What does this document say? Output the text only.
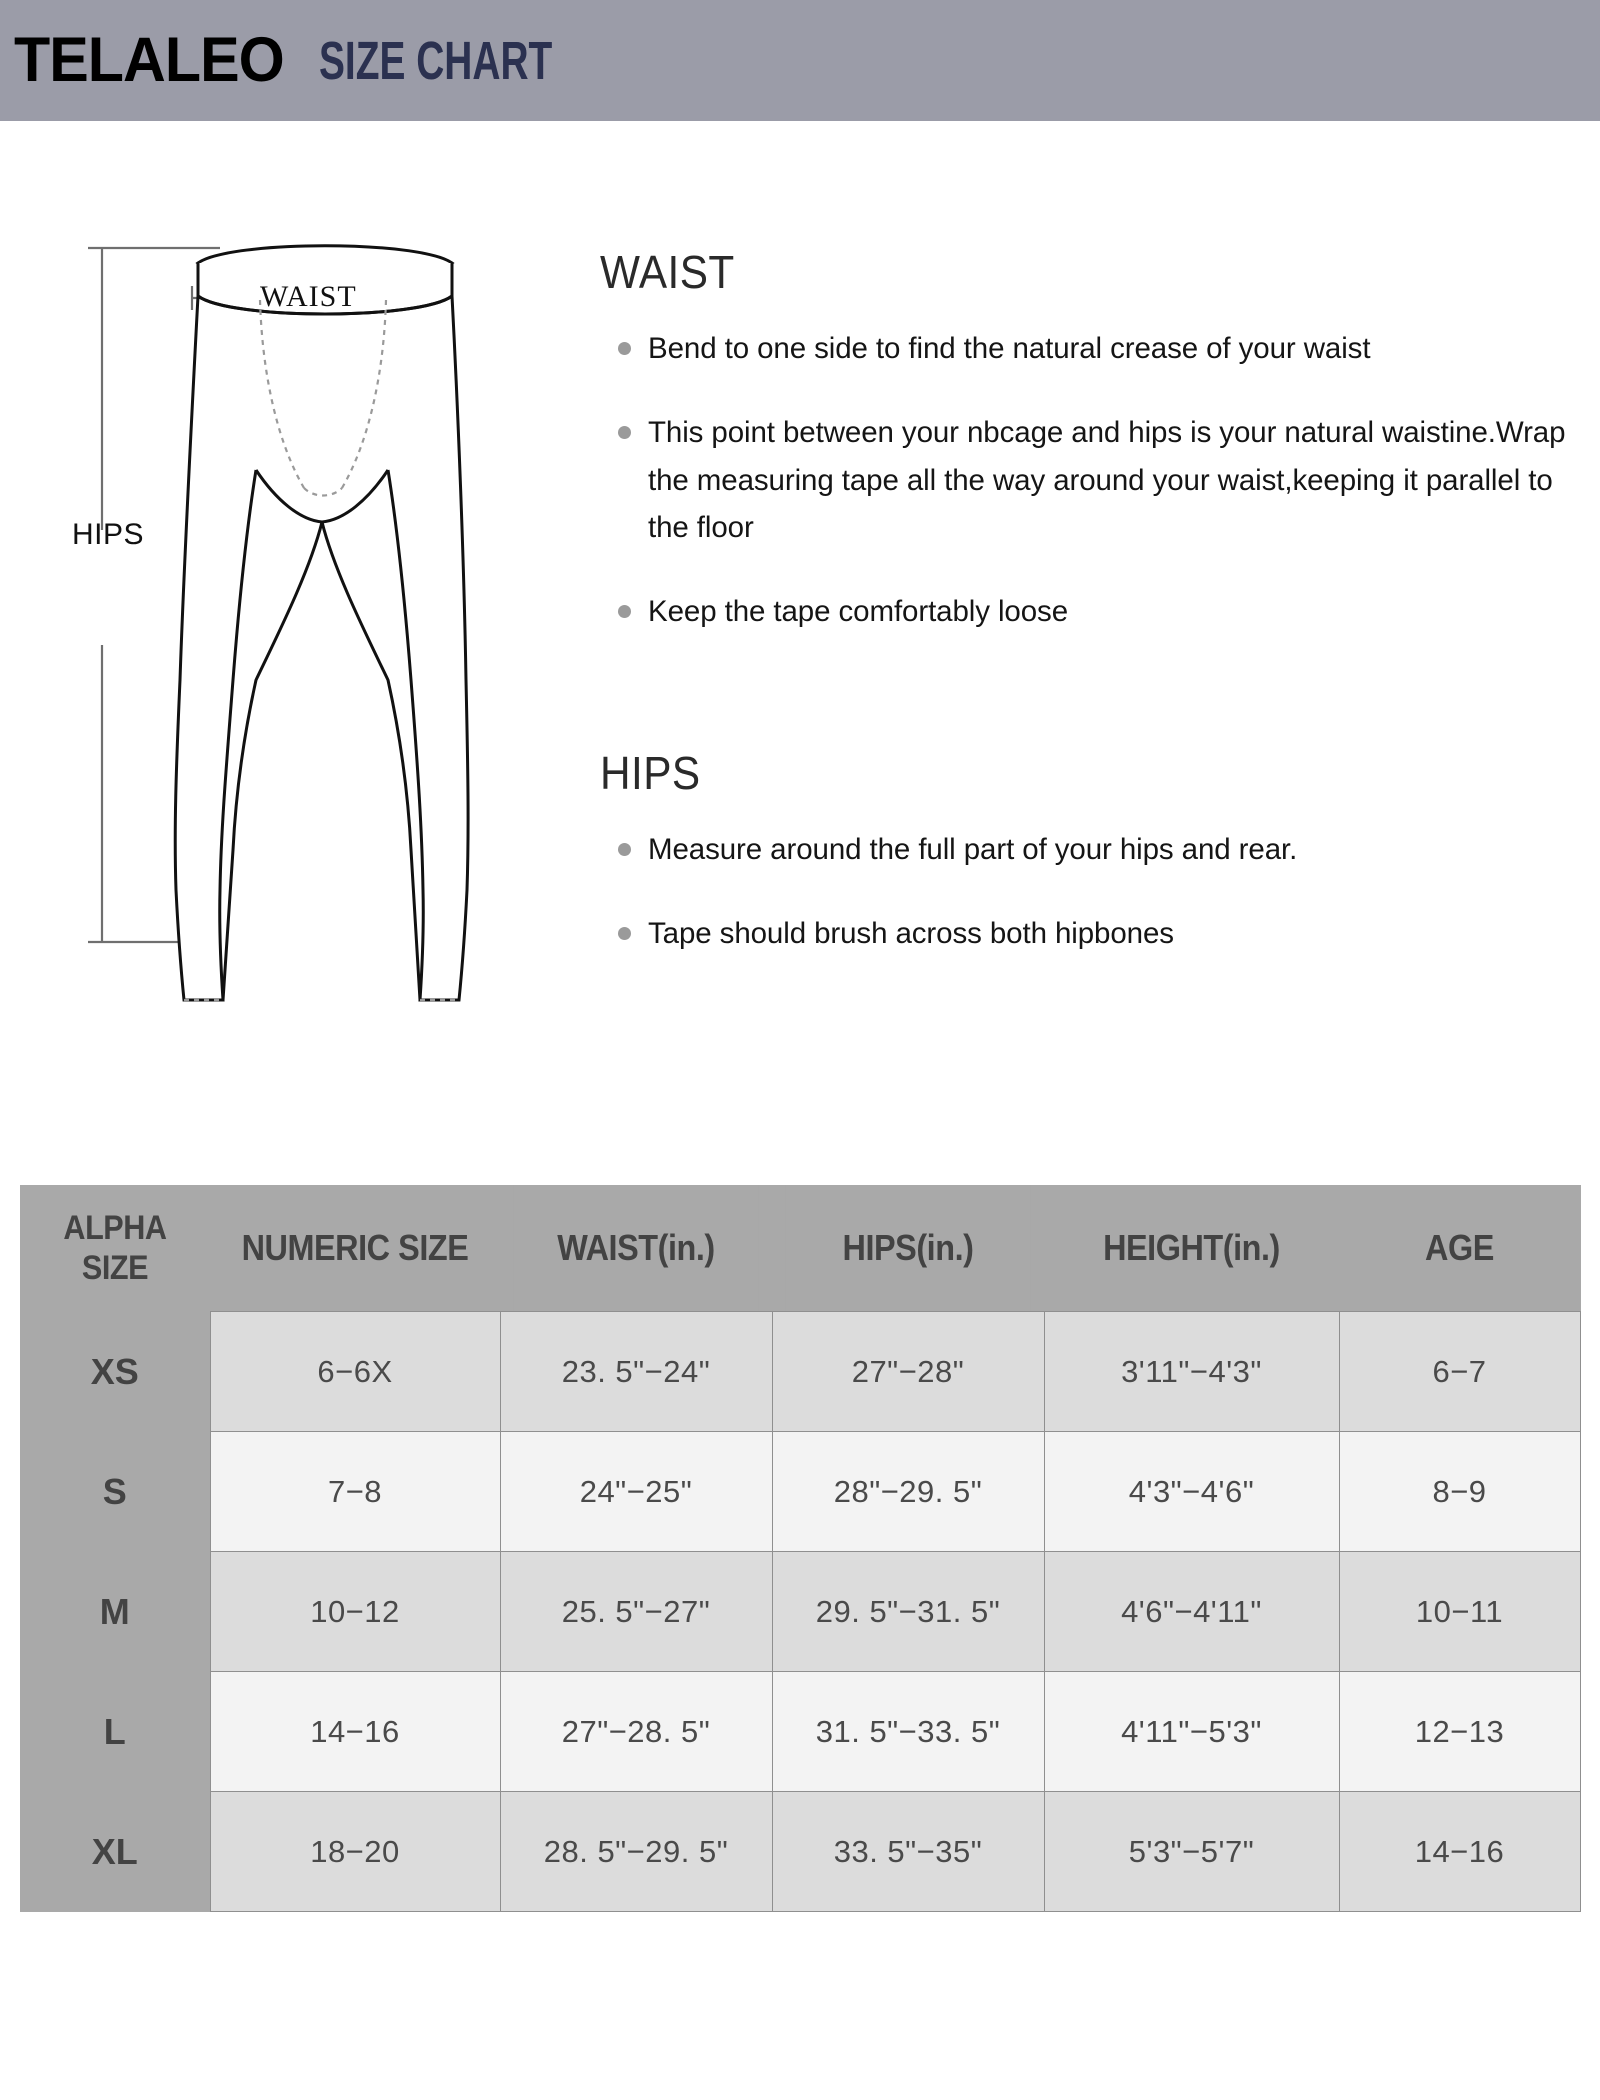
TELALEO SIZE CHART
WAIST
HIPS
WAIST
Bend to one side to find the natural crease of your waist
This point between your nbcage and hips is your natural waistine.Wrap the measuring tape all the way around your waist,keeping it parallel to the floor
Keep the tape comfortably loose
HIPS
Measure around the full part of your hips and rear.
Tape should brush across both hipbones
ALPHA
SIZE	NUMERIC SIZE	WAIST(in.)	HIPS(in.)	HEIGHT(in.)	AGE
XS	6−6X	23. 5"−24"	27"−28"	3'11"−4'3"	6−7
S	7−8	24"−25"	28"−29. 5"	4'3"−4'6"	8−9
M	10−12	25. 5"−27"	29. 5"−31. 5"	4'6"−4'11"	10−11
L	14−16	27"−28. 5"	31. 5"−33. 5"	4'11"−5'3"	12−13
XL	18−20	28. 5"−29. 5"	33. 5"−35"	5'3"−5'7"	14−16
